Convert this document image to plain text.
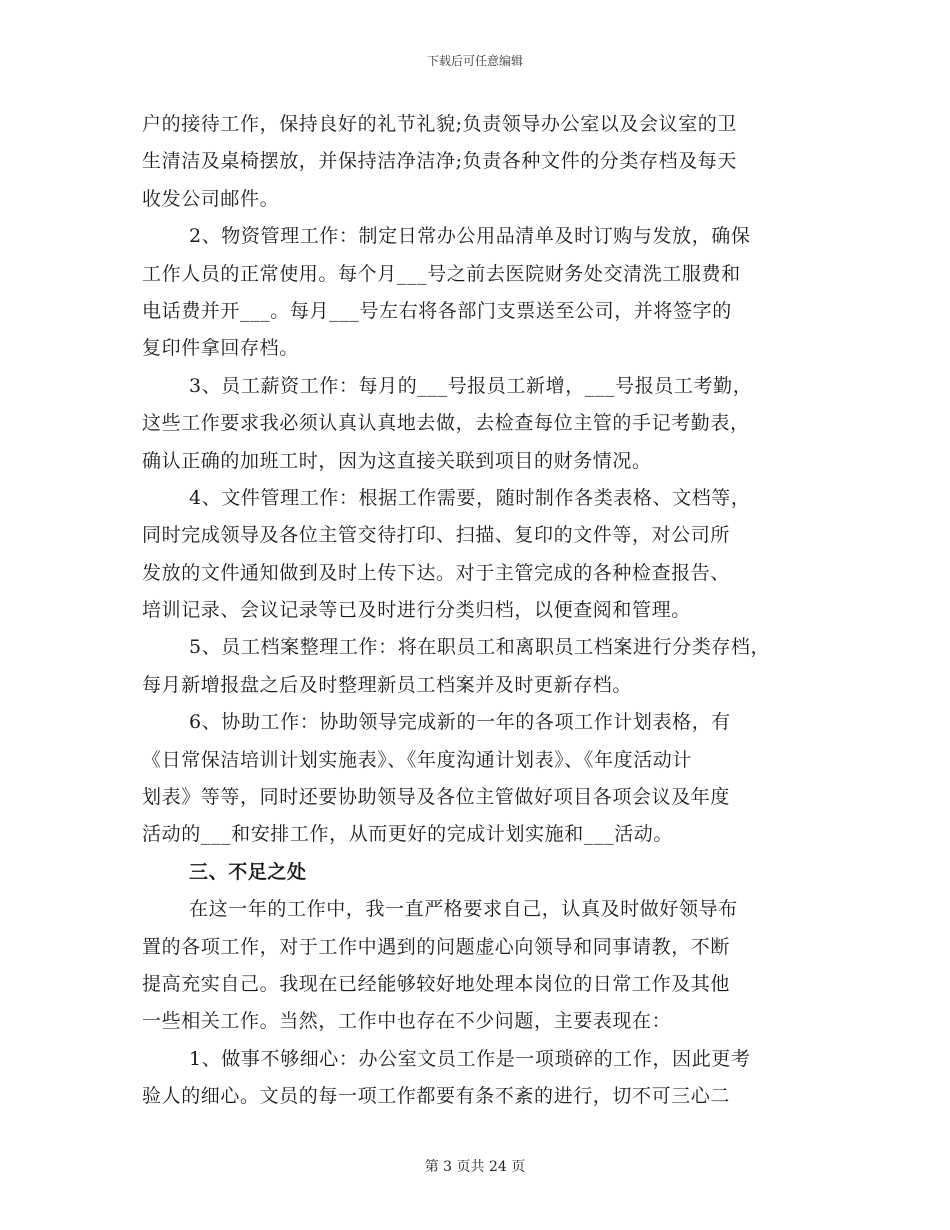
下载后可任意编辑
户的接待工作，保持良好的礼节礼貌;负责领导办公室以及会议室的卫
生清洁及桌椅摆放，并保持洁净洁净;负责各种文件的分类存档及每天
收发公司邮件。
2、物资管理工作：制定日常办公用品清单及时订购与发放，确保
工作人员的正常使用。每个月___号之前去医院财务处交清洗工服费和
电话费并开___。每月___号左右将各部门支票送至公司，并将签字的
复印件拿回存档。
3、员工薪资工作：每月的___号报员工新增，___号报员工考勤，
这些工作要求我必须认真认真地去做，去检查每位主管的手记考勤表，
确认正确的加班工时，因为这直接关联到项目的财务情况。
4、文件管理工作：根据工作需要，随时制作各类表格、文档等，
同时完成领导及各位主管交待打印、扫描、复印的文件等，对公司所
发放的文件通知做到及时上传下达。对于主管完成的各种检查报告、
培训记录、会议记录等已及时进行分类归档，以便查阅和管理。
5、员工档案整理工作：将在职员工和离职员工档案进行分类存档，
每月新增报盘之后及时整理新员工档案并及时更新存档。
6、协助工作：协助领导完成新的一年的各项工作计划表格，有
《日常保洁培训计划实施表》、《年度沟通计划表》、《年度活动计
划表》等等，同时还要协助领导及各位主管做好项目各项会议及年度
活动的___和安排工作，从而更好的完成计划实施和___活动。
三、不足之处
在这一年的工作中，我一直严格要求自己，认真及时做好领导布
置的各项工作，对于工作中遇到的问题虚心向领导和同事请教，不断
提高充实自己。我现在已经能够较好地处理本岗位的日常工作及其他
一些相关工作。当然，工作中也存在不少问题，主要表现在：
1、做事不够细心：办公室文员工作是一项琐碎的工作，因此更考
验人的细心。文员的每一项工作都要有条不紊的进行，切不可三心二
第 3 页共 24 页
